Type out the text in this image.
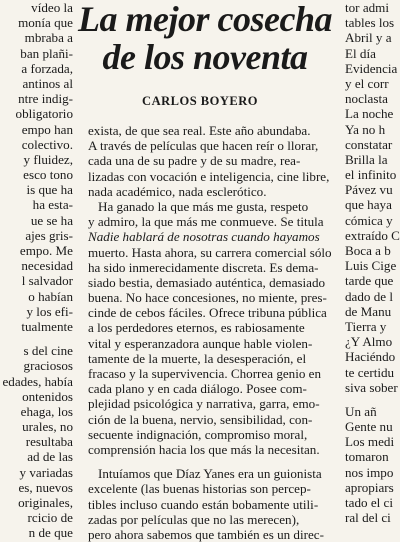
La mejor cosecha
de los noventa
CARLOS BOYERO
vídeo la
monía que
mbraba a
ban plañi-
a forzada,
antinos al
ntre indig-
obligatorio
empo han
colectivo.
y fluidez,
esco tono
is que ha
ha esta-
ue se ha
ajes gris-
empo. Me
necesidad
l salvador
o habían
y los efi-
tualmente
s del cine
graciosos
edades, había
ontenidos
ehaga, los
urales, no
resultaba
ad de las
y variadas
es, nuevos
originales,
rcicio de
n de que
exista, de que sea real. Este año abundaba.
A través de películas que hacen reír o llorar,
cada una de su padre y de su madre, rea-
lizadas con vocación e inteligencia, cine libre,
nada académico, nada esclerótico.
Ha ganado la que más me gusta, respeto
y admiro, la que más me conmueve. Se titula
Nadie hablará de nosotras cuando hayamos
muerto. Hasta ahora, su carrera comercial sólo
ha sido inmerecidamente discreta. Es dema-
siado bestia, demasiado auténtica, demasiado
buena. No hace concesiones, no miente, pres-
cinde de cebos fáciles. Ofrece tribuna pública
a los perdedores eternos, es rabiosamente
vital y esperanzadora aunque hable violen-
tamente de la muerte, la desesperación, el
fracaso y la supervivencia. Chorrea genio en
cada plano y en cada diálogo. Posee com-
plejidad psicológica y narrativa, garra, emo-
ción de la buena, nervio, sensibilidad, con-
secuente indignación, compromiso moral,
comprensión hacia los que más la necesitan.
Intuíamos que Díaz Yanes era un guionista
excelente (las buenas historias son percep-
tibles incluso cuando están bobamente utili-
zadas por películas que no las merecen),
pero ahora sabemos que también es un direc-
tor admi
tables los
Abril y a
El día
Evidencia
y el corr
noclasta
La noche
Ya no h
constatar
Brilla la
el infinito
Pávez vu
que haya
cómica y
extraído C
Boca a b
Luis Cige
tarde que
dado de l
de Manu
Tierra y
¿Y Almo
Haciéndo
te certidu
siva sober
Un añ
Gente nu
Los medi
tomaron
nos impo
apropiars
tado el ci
ral del ci
